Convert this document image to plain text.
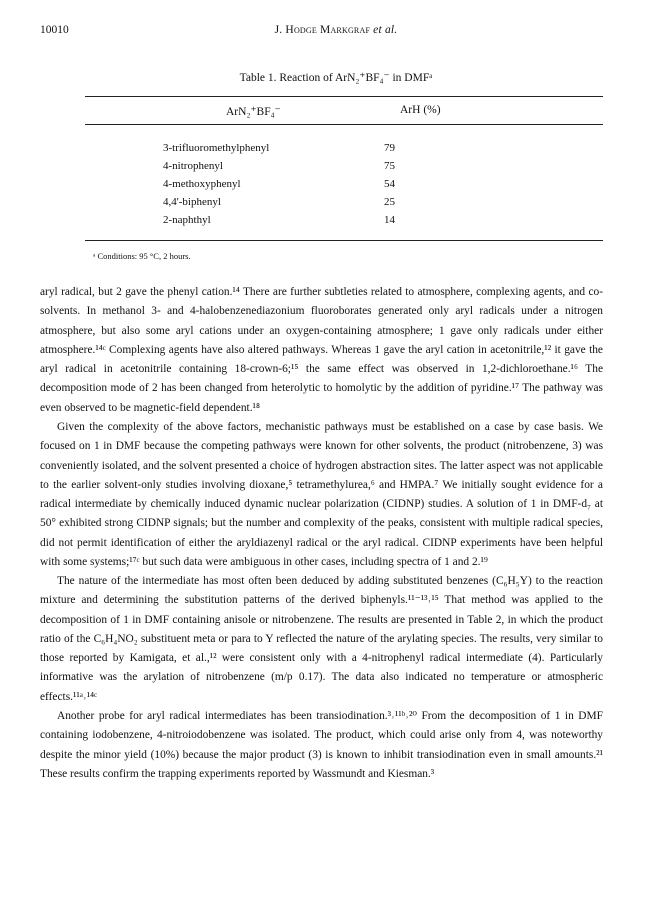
10010	J. Hodge Markgraf et al.
Table 1. Reaction of ArN₂⁺BF₄⁻ in DMFᵃ
ArN₂⁺BF₄⁻	ArH (%)
3-trifluoromethylphenyl	79
4-nitrophenyl	75
4-methoxyphenyl	54
4,4'-biphenyl	25
2-naphthyl	14
ᵃ Conditions: 95 °C, 2 hours.

aryl radical, but 2 gave the phenyl cation.¹⁴ There are further subtleties related to atmosphere, complexing agents, and co-solvents. In methanol 3- and 4-halobenzenediazonium fluoroborates generated only aryl radicals under a nitrogen atmosphere, but also some aryl cations under an oxygen-containing atmosphere; 1 gave only radicals under either atmosphere.¹⁴ᶜ Complexing agents have also altered pathways. Whereas 1 gave the aryl cation in acetonitrile,¹² it gave the aryl radical in acetonitrile containing 18-crown-6;¹⁵ the same effect was observed in 1,2-dichloroethane.¹⁶ The decomposition mode of 2 has been changed from heterolytic to homolytic by the addition of pyridine.¹⁷ The pathway was even observed to be magnetic-field dependent.¹⁸

Given the complexity of the above factors, mechanistic pathways must be established on a case by case basis. We focused on 1 in DMF because the competing pathways were known for other solvents, the product (nitrobenzene, 3) was conveniently isolated, and the solvent presented a choice of hydrogen abstraction sites. The latter aspect was not applicable to the earlier solvent-only studies involving dioxane,⁵ tetramethylurea,⁶ and HMPA.⁷ We initially sought evidence for a radical intermediate by chemically induced dynamic nuclear polarization (CIDNP) studies. A solution of 1 in DMF-d₇ at 50° exhibited strong CIDNP signals; but the number and complexity of the peaks, consistent with multiple radical species, did not permit identification of either the aryldiazenyl radical or the aryl radical. CIDNP experiments have been helpful with some systems;¹⁷ᶜ but such data were ambiguous in other cases, including spectra of 1 and 2.¹⁹

The nature of the intermediate has most often been deduced by adding substituted benzenes (C₆H₅Y) to the reaction mixture and determining the substitution patterns of the derived biphenyls.¹¹⁻¹³˒¹⁵ That method was applied to the decomposition of 1 in DMF containing anisole or nitrobenzene. The results are presented in Table 2, in which the product ratio of the C₆H₄NO₂ substituent meta or para to Y reflected the nature of the arylating species. The results, very similar to those reported by Kamigata, et al.,¹² were consistent only with a 4-nitrophenyl radical intermediate (4). Particularly informative was the arylation of nitrobenzene (m/p 0.17). The data also indicated no temperature or atmospheric effects.¹¹ᵃ˒¹⁴ᶜ

Another probe for aryl radical intermediates has been transiodination.³˒¹¹ᵇ˒²⁰ From the decomposition of 1 in DMF containing iodobenzene, 4-nitroiodobenzene was isolated. The product, which could arise only from 4, was noteworthy despite the minor yield (10%) because the major product (3) is known to inhibit transiodination even in small amounts.²¹ These results confirm the trapping experiments reported by Wassmundt and Kiesman.³
